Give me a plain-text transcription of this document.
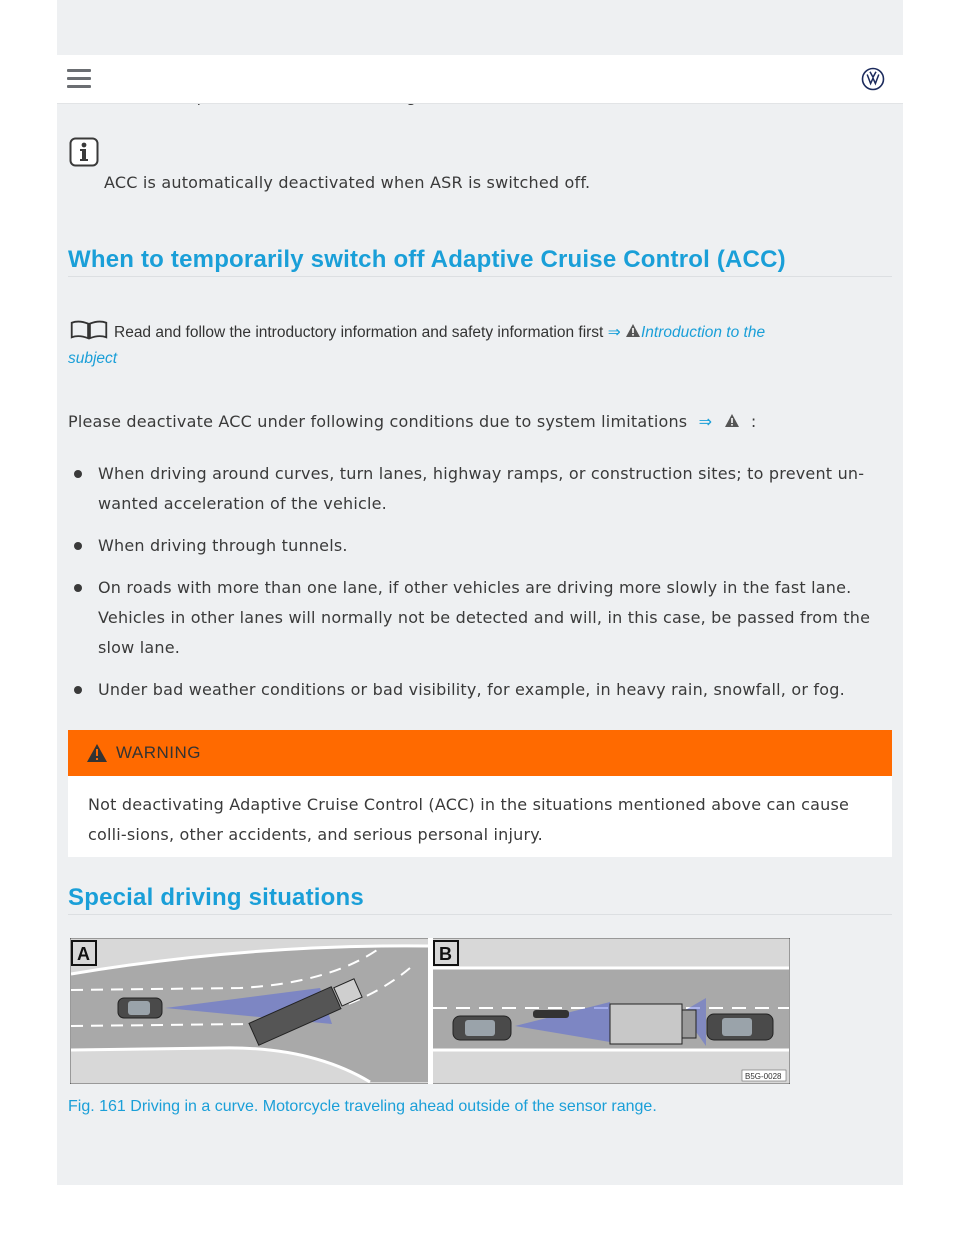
ACC is automatically deactivated when ASR is switched off.
When to temporarily switch off Adaptive Cruise Control (ACC)
Read and follow the introductory information and safety information first ⇒ Introduction to the
subject
Please deactivate ACC under following conditions due to system limitations ⇒ :
When driving around curves, turn lanes, highway ramps, or construction sites; to prevent un-wanted acceleration of the vehicle.
When driving through tunnels.
On roads with more than one lane, if other vehicles are driving more slowly in the fast lane. Vehicles in other lanes will normally not be detected and will, in this case, be passed from the slow lane.
Under bad weather conditions or bad visibility, for example, in heavy rain, snowfall, or fog.
WARNING
Not deactivating Adaptive Cruise Control (ACC) in the situations mentioned above can cause colli-sions, other accidents, and serious personal injury.
Special driving situations
A	B
B5G-0028
Fig. 161 Driving in a curve. Motorcycle traveling ahead outside of the sensor range.
